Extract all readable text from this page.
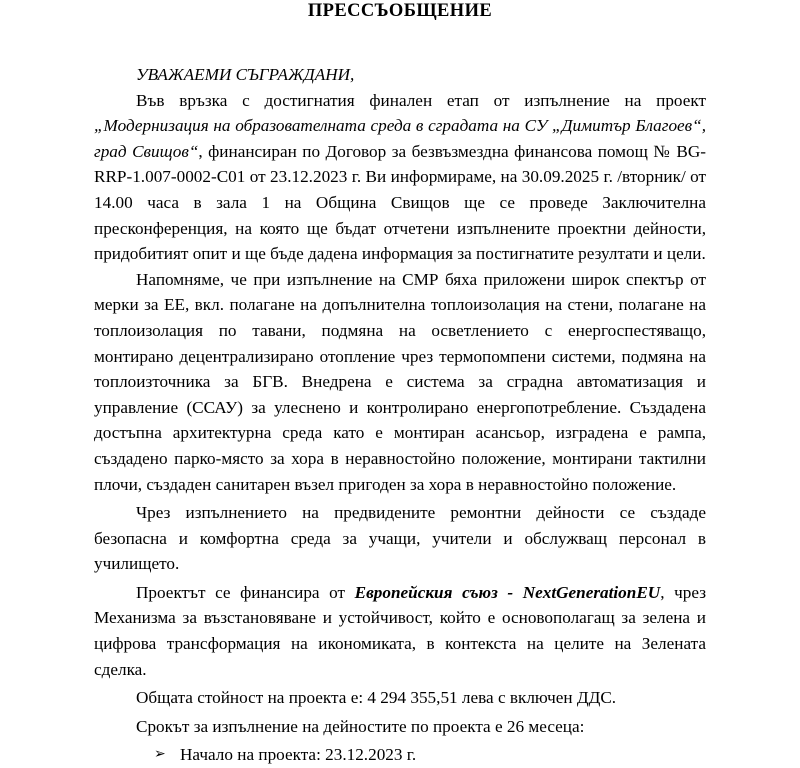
ПРЕССЪОБЩЕНИЕ

УВАЖАЕМИ СЪГРАЖДАНИ,

Във връзка с достигнатия финален етап от изпълнение на проект „Модернизация на образователната среда в сградата на СУ „Димитър Благоев“, град Свищов“, финансиран по Договор за безвъзмездна финансова помощ № BG-RRP-1.007-0002-С01 от 23.12.2023 г. Ви информираме, на 30.09.2025 г. /вторник/ от 14.00 часа в зала 1 на Община Свищов ще се проведе Заключителна пресконференция, на която ще бъдат отчетени изпълнените проектни дейности, придобитият опит и ще бъде дадена информация за постигнатите резултати и цели.

Напомняме, че при изпълнение на СМР бяха приложени широк спектър от мерки за ЕЕ, вкл. полагане на допълнителна топлоизолация на стени, полагане на топлоизолация по тавани, подмяна на осветлението с енергоспестяващо, монтирано децентрализирано отопление чрез термопомпени системи, подмяна на топлоизточника за БГВ. Внедрена е система за сградна автоматизация и управление (ССАУ) за улеснено и контролирано енергопотребление. Създадена достъпна архитектурна среда като е монтиран асансьор, изградена е рампа, създадено парко-място за хора в неравностойно положение, монтирани тактилни плочи, създаден санитарен възел пригоден за хора в неравностойно положение.

Чрез изпълнението на предвидените ремонтни дейности се създаде безопасна и комфортна среда за учащи, учители и обслужващ персонал в училището.

Проектът се финансира от Европейския съюз - NextGenerationEU, чрез Механизма за възстановяване и устойчивост, който е основополагащ за зелена и цифрова трансформация на икономиката, в контекста на целите на Зелената сделка.

Общата стойност на проекта е: 4 294 355,51 лева с включен ДДС.

Срокът за изпълнение на дейностите по проекта е 26 месеца:

➢ Начало на проекта: 23.12.2023 г.
